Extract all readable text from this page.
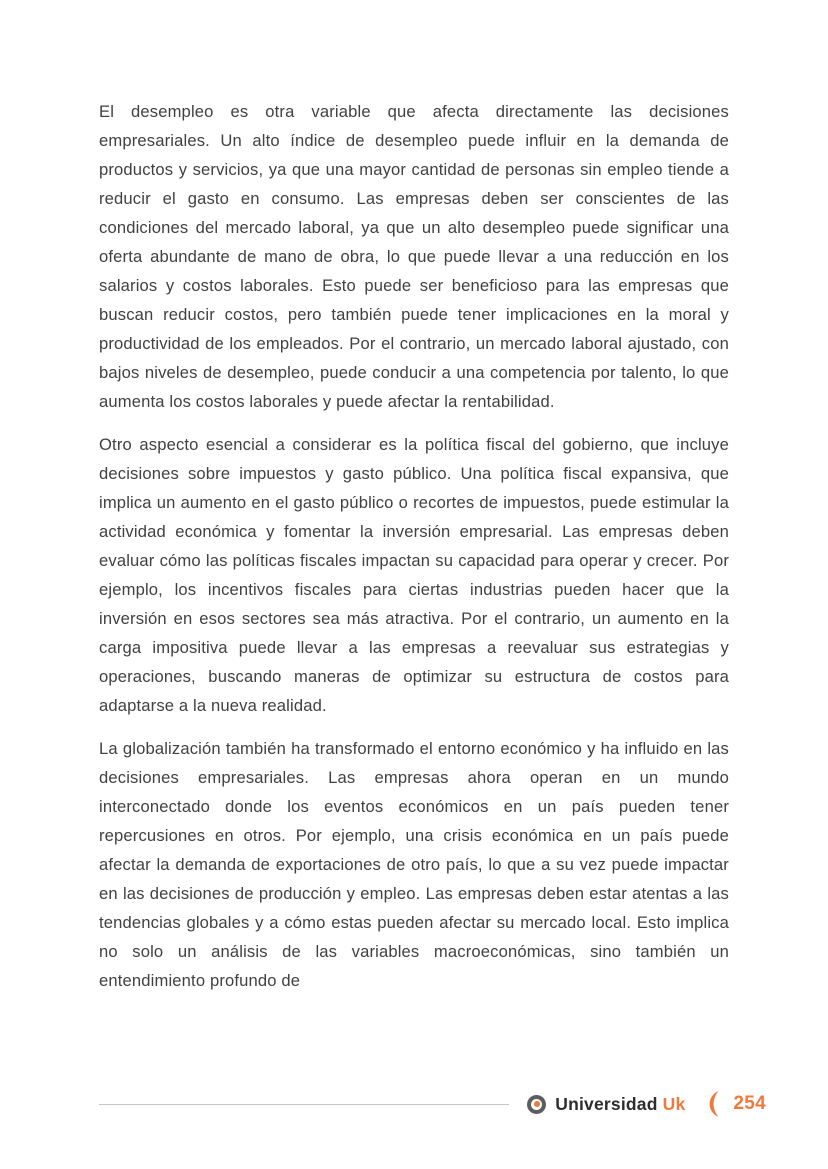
El desempleo es otra variable que afecta directamente las decisiones empresariales. Un alto índice de desempleo puede influir en la demanda de productos y servicios, ya que una mayor cantidad de personas sin empleo tiende a reducir el gasto en consumo. Las empresas deben ser conscientes de las condiciones del mercado laboral, ya que un alto desempleo puede significar una oferta abundante de mano de obra, lo que puede llevar a una reducción en los salarios y costos laborales. Esto puede ser beneficioso para las empresas que buscan reducir costos, pero también puede tener implicaciones en la moral y productividad de los empleados. Por el contrario, un mercado laboral ajustado, con bajos niveles de desempleo, puede conducir a una competencia por talento, lo que aumenta los costos laborales y puede afectar la rentabilidad.

Otro aspecto esencial a considerar es la política fiscal del gobierno, que incluye decisiones sobre impuestos y gasto público. Una política fiscal expansiva, que implica un aumento en el gasto público o recortes de impuestos, puede estimular la actividad económica y fomentar la inversión empresarial. Las empresas deben evaluar cómo las políticas fiscales impactan su capacidad para operar y crecer. Por ejemplo, los incentivos fiscales para ciertas industrias pueden hacer que la inversión en esos sectores sea más atractiva. Por el contrario, un aumento en la carga impositiva puede llevar a las empresas a reevaluar sus estrategias y operaciones, buscando maneras de optimizar su estructura de costos para adaptarse a la nueva realidad.

La globalización también ha transformado el entorno económico y ha influido en las decisiones empresariales. Las empresas ahora operan en un mundo interconectado donde los eventos económicos en un país pueden tener repercusiones en otros. Por ejemplo, una crisis económica en un país puede afectar la demanda de exportaciones de otro país, lo que a su vez puede impactar en las decisiones de producción y empleo. Las empresas deben estar atentas a las tendencias globales y a cómo estas pueden afectar su mercado local. Esto implica no solo un análisis de las variables macroeconómicas, sino también un entendimiento profundo de

Universidad Uk	254
